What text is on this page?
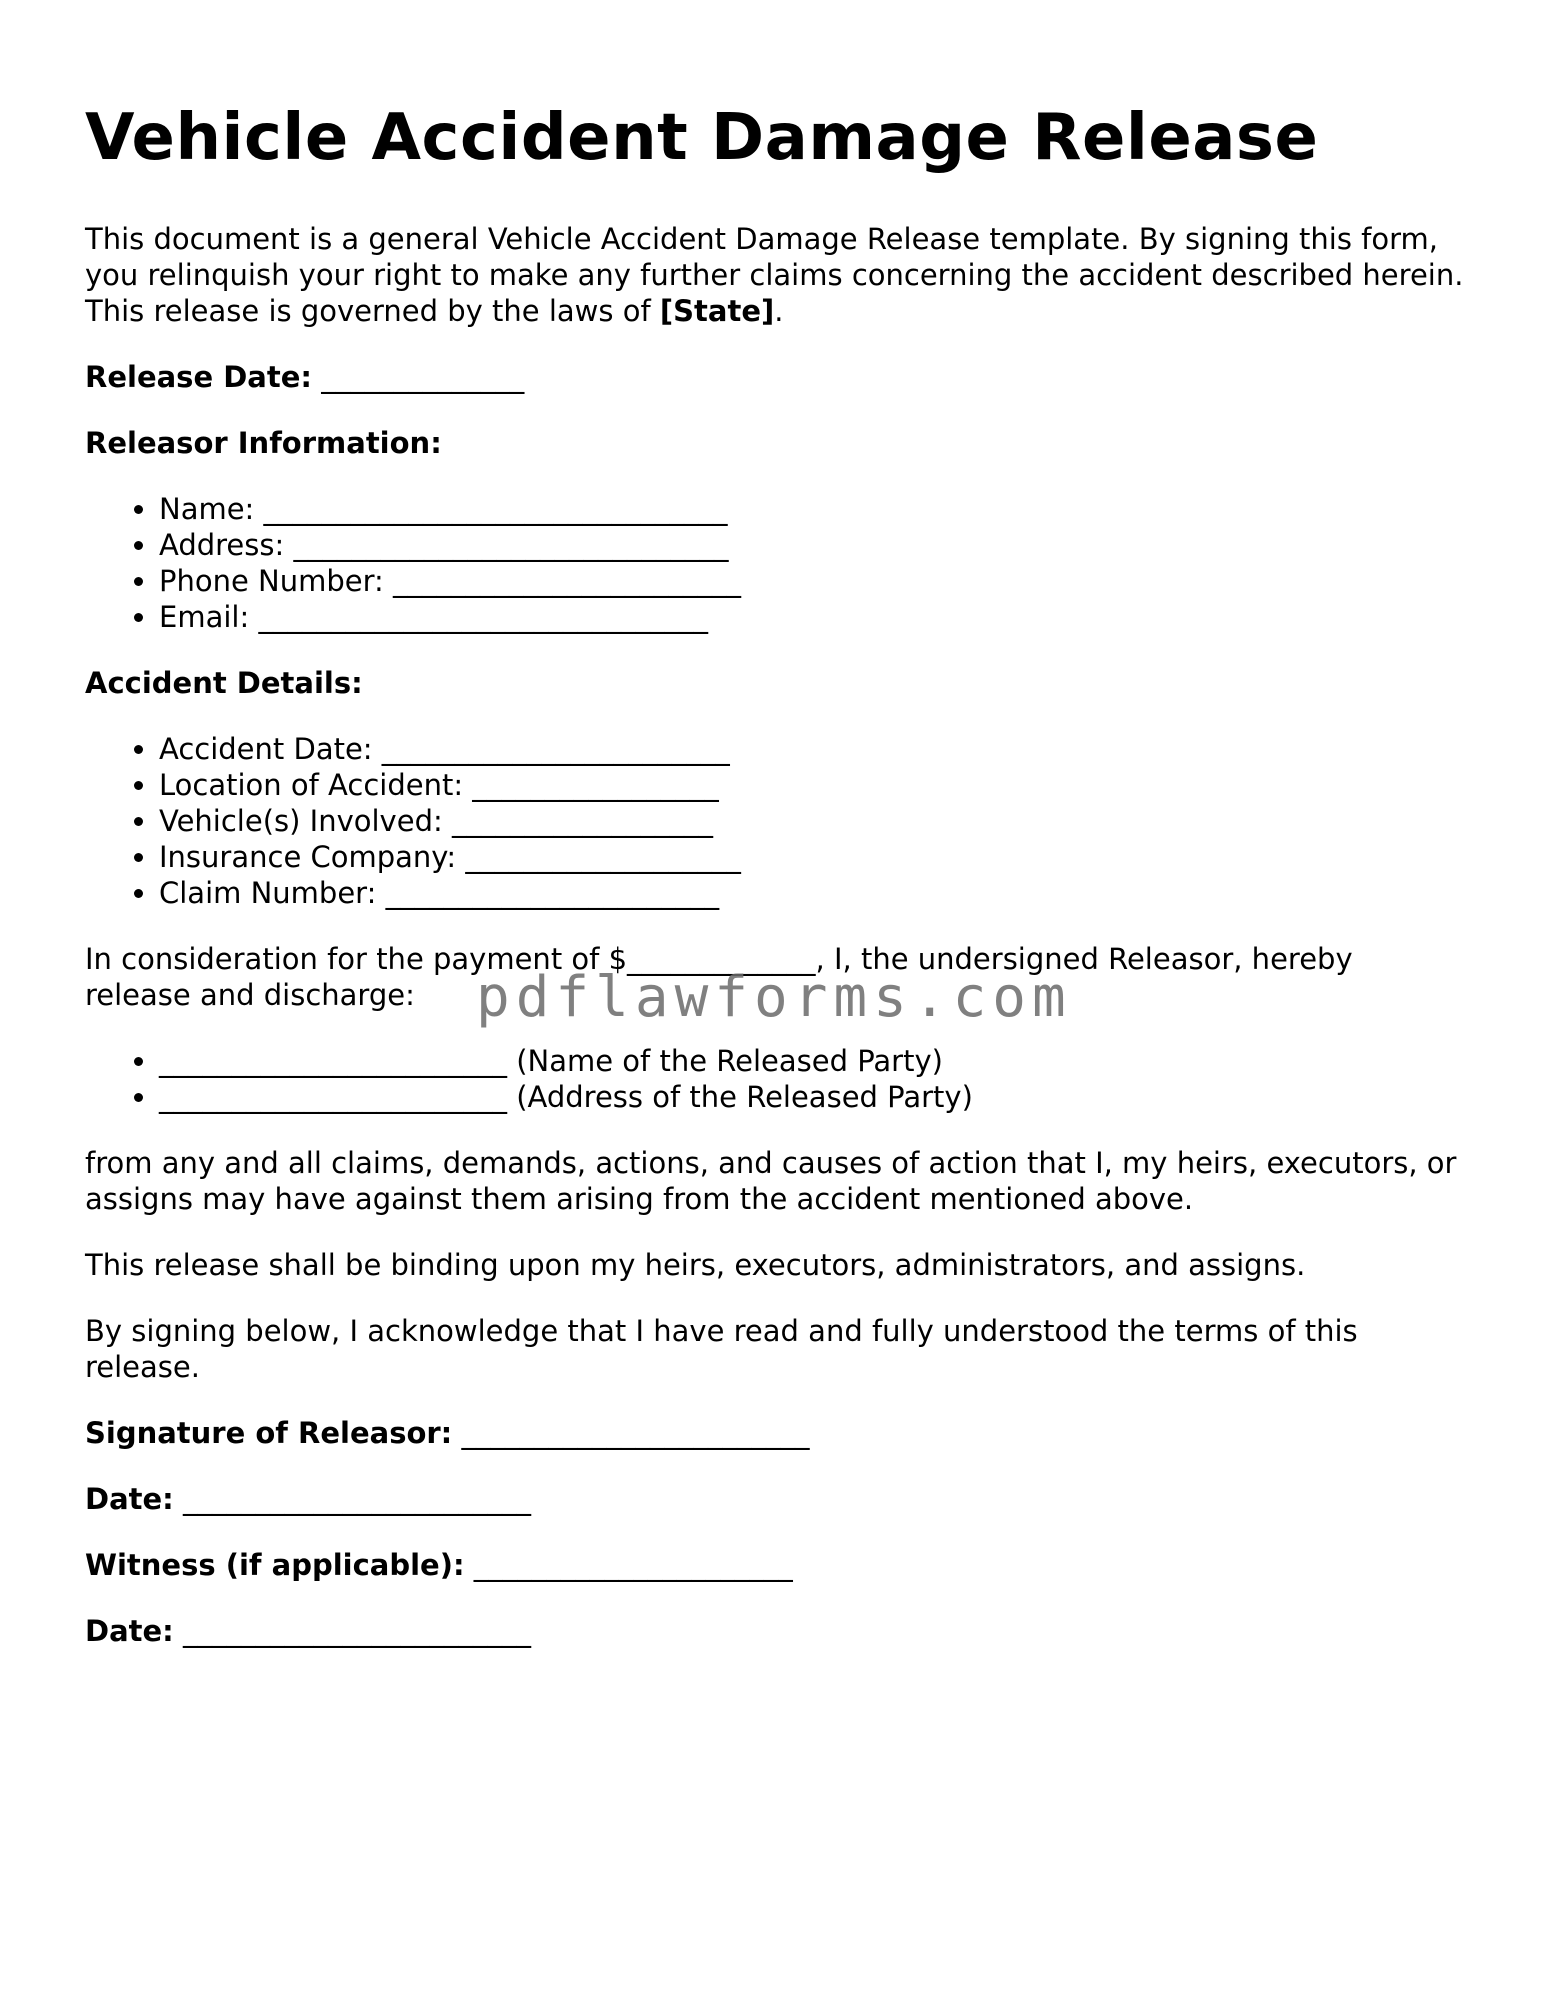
Vehicle Accident Damage Release

This document is a general Vehicle Accident Damage Release template. By signing this form, you relinquish your right to make any further claims concerning the accident described herein. This release is governed by the laws of [State].

Release Date: ______________
Releasor Information:
• Name: ________________________________
• Address: ______________________________
• Phone Number: ________________________
• Email: _______________________________
Accident Details:
• Accident Date: ________________________
• Location of Accident: _________________
• Vehicle(s) Involved: __________________
• Insurance Company: ___________________
• Claim Number: _______________________

In consideration for the payment of $_____________, I, the undersigned Releasor, hereby release and discharge:

• ________________________ (Name of the Released Party)
• ________________________ (Address of the Released Party)

from any and all claims, demands, actions, and causes of action that I, my heirs, executors, or assigns may have against them arising from the accident mentioned above.

This release shall be binding upon my heirs, executors, administrators, and assigns.

By signing below, I acknowledge that I have read and fully understood the terms of this release.

Signature of Releasor: ________________________
Date: ________________________
Witness (if applicable): ______________________
Date: ________________________
pdflawforms.com
